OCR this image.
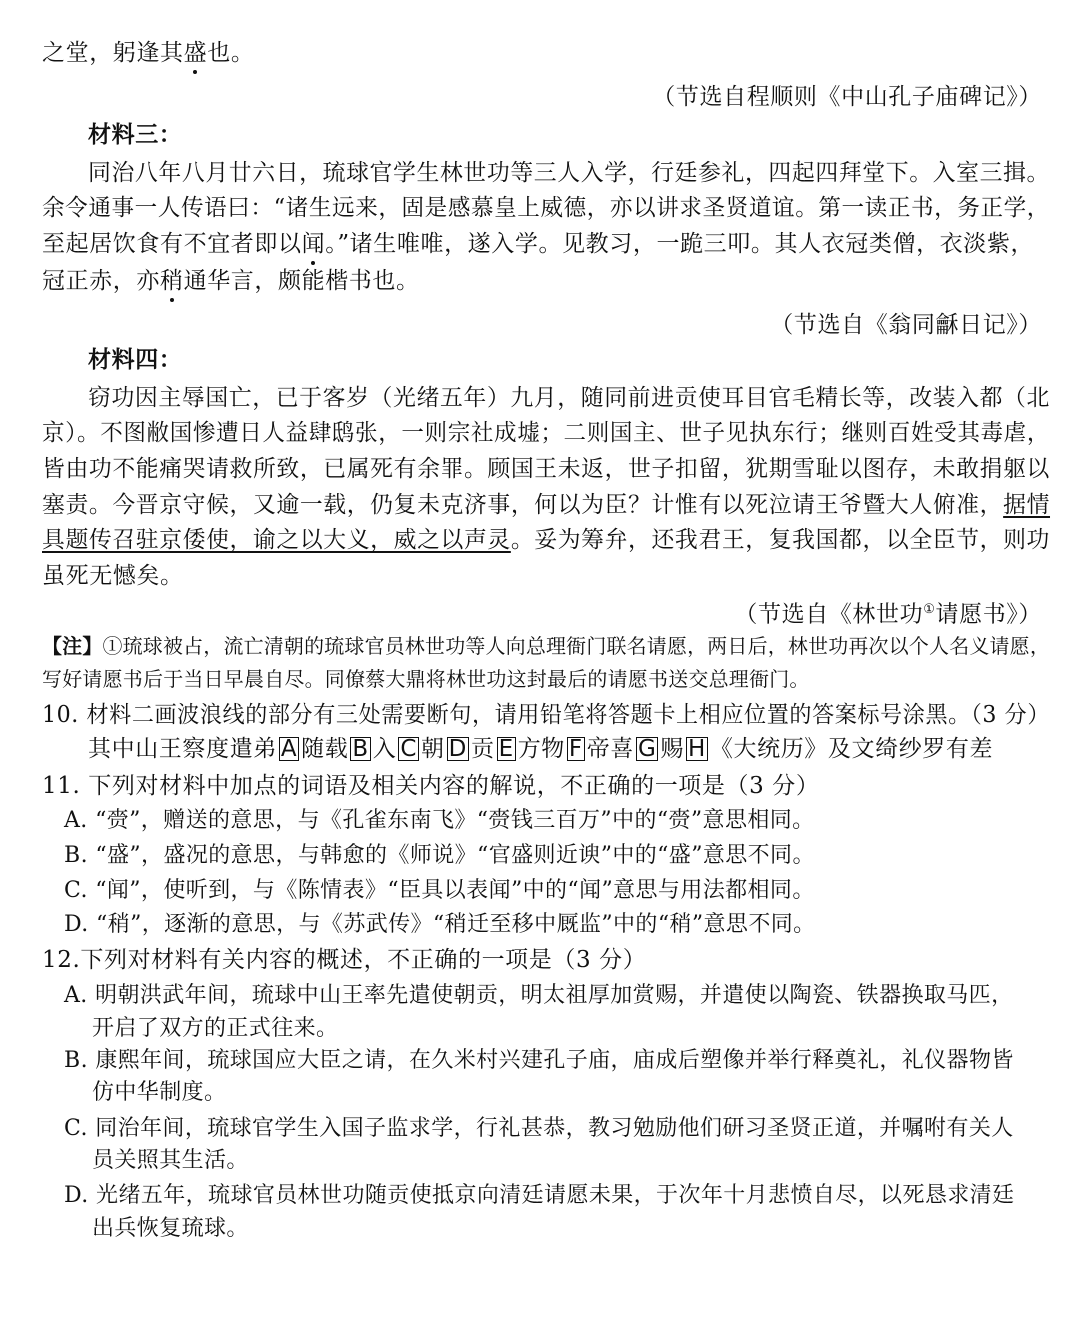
之堂，躬逢其盛也。
（节选自程顺则《中山孔子庙碑记》）
材料三：
同治八年八月廿六日，琉球官学生林世功等三人入学，行廷参礼，四起四拜堂下。入室三揖。
余令通事一人传语曰：“诸生远来，固是感慕皇上威德，亦以讲求圣贤道谊。第一读正书，务正学，
至起居饮食有不宜者即以闻。”诸生唯唯，遂入学。见教习，一跪三叩。其人衣冠类僧，衣淡紫，
冠正赤，亦稍通华言，颇能楷书也。
（节选自《翁同龢日记》）
材料四：
窃功因主辱国亡，已于客岁（光绪五年）九月，随同前进贡使耳目官毛精长等，改装入都（北
京）。不图敝国惨遭日人益肆鸱张，一则宗社成墟；二则国主、世子见执东行；继则百姓受其毒虐，
皆由功不能痛哭请救所致，已属死有余罪。顾国王未返，世子扣留，犹期雪耻以图存，未敢捐躯以
塞责。今晋京守候，又逾一载，仍复未克济事，何以为臣？计惟有以死泣请王爷暨大人俯准，据情
具题传召驻京倭使，谕之以大义，威之以声灵。妥为筹弁，还我君王，复我国都，以全臣节，则功
虽死无憾矣。
（节选自《林世功①请愿书》）
【注】①琉球被占，流亡清朝的琉球官员林世功等人向总理衙门联名请愿，两日后，林世功再次以个人名义请愿，
写好请愿书后于当日早晨自尽。同僚蔡大鼎将林世功这封最后的请愿书送交总理衙门。
10. 材料二画波浪线的部分有三处需要断句，请用铅笔将答题卡上相应位置的答案标号涂黑。（3 分）
其中山王察度遣弟 A 随载 B 入 C 朝 D 贡 E 方物 F 帝喜 G 赐 H 《大统历》及文绮纱罗有差
11. 下列对材料中加点的词语及相关内容的解说，不正确的一项是（3 分）
A. “赍”，赠送的意思，与《孔雀东南飞》“赍钱三百万”中的“赍”意思相同。
B. “盛”，盛况的意思，与韩愈的《师说》“官盛则近谀”中的“盛”意思不同。
C. “闻”，使听到，与《陈情表》“臣具以表闻”中的“闻”意思与用法都相同。
D. “稍”，逐渐的意思，与《苏武传》“稍迁至移中厩监”中的“稍”意思不同。
12.下列对材料有关内容的概述，不正确的一项是（3 分）
A. 明朝洪武年间，琉球中山王率先遣使朝贡，明太祖厚加赏赐，并遣使以陶瓷、铁器换取马匹，
开启了双方的正式往来。
B. 康熙年间，琉球国应大臣之请，在久米村兴建孔子庙，庙成后塑像并举行释奠礼，礼仪器物皆
仿中华制度。
C. 同治年间，琉球官学生入国子监求学，行礼甚恭，教习勉励他们研习圣贤正道，并嘱咐有关人
员关照其生活。
D. 光绪五年，琉球官员林世功随贡使抵京向清廷请愿未果，于次年十月悲愤自尽，以死恳求清廷
出兵恢复琉球。
